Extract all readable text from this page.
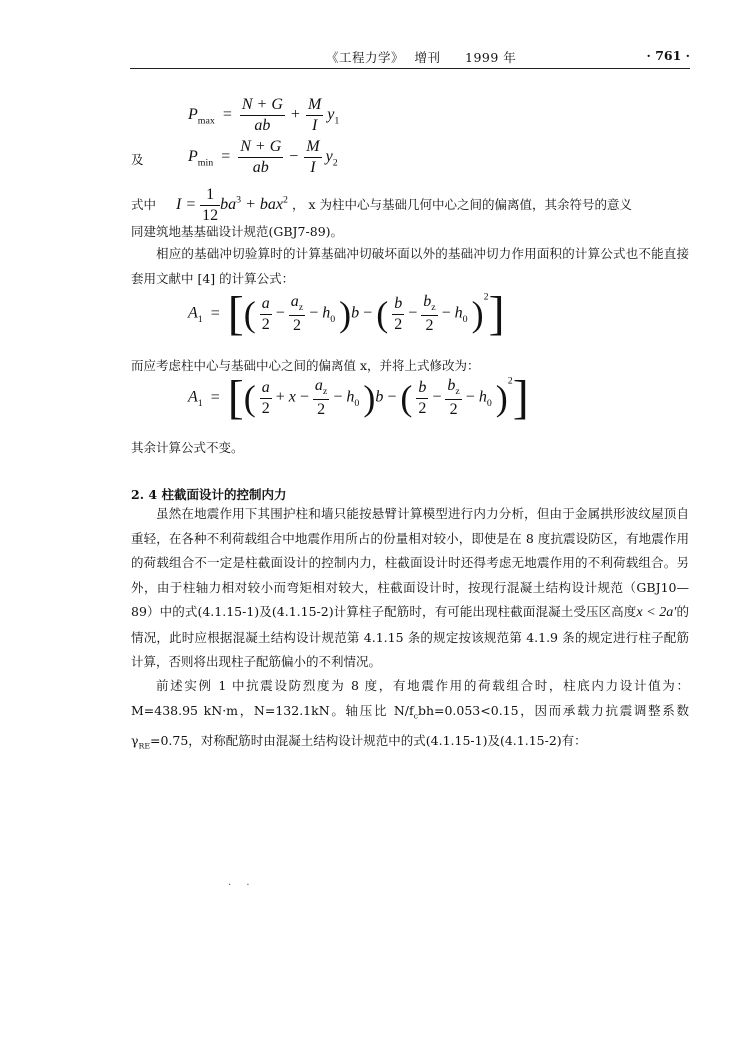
《工程力学》 增刊 1999 年	· 761 ·
$P_{max} = \frac{N + G}{ab} + \frac{M}{I} y_1$
及	$P_{min} = \frac{N + G}{ab} - \frac{M}{I} y_2$
式中 $I = \frac{1}{12} ba^3 + bax^2$ ， x 为柱中心与基础几何中心之间的偏离值，其余符号的意义
同建筑地基基础设计规范(GBJ7-89)。
相应的基础冲切验算时的计算基础冲切破坏面以外的基础冲切力作用面积的计算公式也不能直接套用文献中 [4] 的计算公式：
$A_1$ = [( $\frac{a}{2} - \frac{a_z}{2} - h_0$ )b − ( $\frac{b}{2} - \frac{b_z}{2} - h_0$ )$^2$]
而应考虑柱中心与基础中心之间的偏离值 x，并将上式修改为：
$A_1$ = [( $\frac{a}{2} + x - \frac{a_z}{2} - h_0$ )b − ( $\frac{b}{2} - \frac{b_z}{2} - h_0$ )$^2$]
其余计算公式不变。
2. 4 柱截面设计的控制内力
虽然在地震作用下其围护柱和墙只能按悬臂计算模型进行内力分析，但由于金属拱形波纹屋顶自重轻，在各种不利荷载组合中地震作用所占的份量相对较小，即使是在 8 度抗震设防区，有地震作用的荷载组合不一定是柱截面设计的控制内力，柱截面设计时还得考虑无地震作用的不利荷载组合。另外，由于柱轴力相对较小而弯矩相对较大，柱截面设计时，按现行混凝土结构设计规范（GBJ10—89）中的式(4.1.15-1)及(4.1.15-2)计算柱子配筋时，有可能出现柱截面混凝土受压区高度x < 2a′的情况，此时应根据混凝土结构设计规范第 4.1.15 条的规定按该规范第 4.1.9 条的规定进行柱子配筋计算，否则将出现柱子配筋偏小的不利情况。
前述实例 1 中抗震设防烈度为 8 度，有地震作用的荷载组合时，柱底内力设计值为：M=438.95 kN·m，N=132.1kN。轴压比 $N/f_cbh=0.053<0.15$，因而承载力抗震调整系数 $\gamma_{RE}=0.75$，对称配筋时由混凝土结构设计规范中的式(4.1.15-1)及(4.1.15-2)有：
· ·
